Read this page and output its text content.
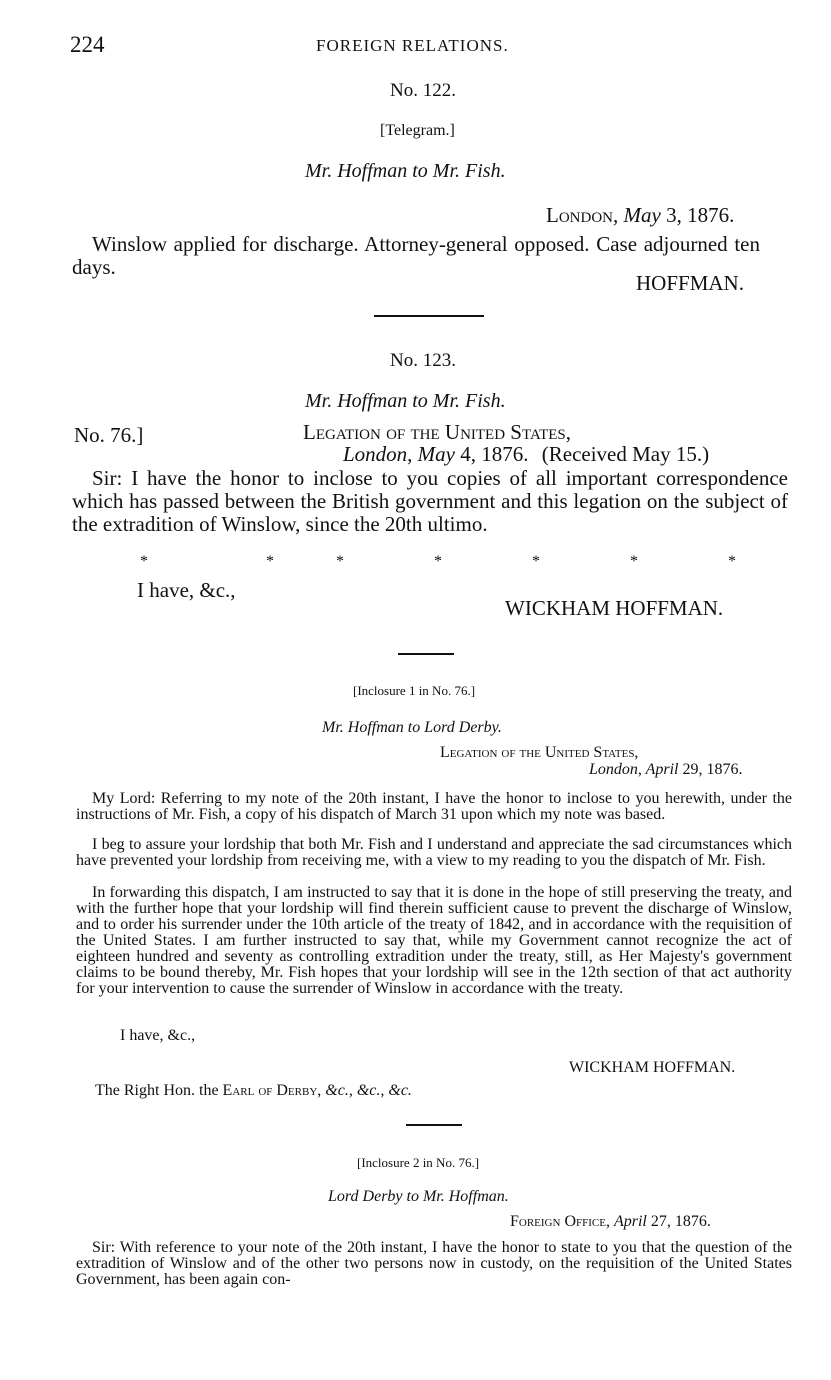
224	FOREIGN RELATIONS.
No. 122.
[Telegram.]
Mr. Hoffman to Mr. Fish.
London, May 3, 1876.
Winslow applied for discharge. Attorney-general opposed. Case adjourned ten days.
HOFFMAN.
No. 123.
Mr. Hoffman to Mr. Fish.
No. 76.]	Legation of the United States,
London, May 4, 1876. (Received May 15.)
Sir: I have the honor to inclose to you copies of all important correspondence which has passed between the British government and this legation on the subject of the extradition of Winslow, since the 20th ultimo.
*	*	*	*	*	*	*
I have, &c.,
WICKHAM HOFFMAN.
[Inclosure 1 in No. 76.]
Mr. Hoffman to Lord Derby.
Legation of the United States,
London, April 29, 1876.
My Lord: Referring to my note of the 20th instant, I have the honor to inclose to you herewith, under the instructions of Mr. Fish, a copy of his dispatch of March 31 upon which my note was based.
I beg to assure your lordship that both Mr. Fish and I understand and appreciate the sad circumstances which have prevented your lordship from receiving me, with a view to my reading to you the dispatch of Mr. Fish.
In forwarding this dispatch, I am instructed to say that it is done in the hope of still preserving the treaty, and with the further hope that your lordship will find therein sufficient cause to prevent the discharge of Winslow, and to order his surrender under the 10th article of the treaty of 1842, and in accordance with the requisition of the United States. I am further instructed to say that, while my Government cannot recognize the act of eighteen hundred and seventy as controlling extradition under the treaty, still, as Her Majesty's government claims to be bound thereby, Mr. Fish hopes that your lordship will see in the 12th section of that act authority for your intervention to cause the surrender of Winslow in accordance with the treaty.
I have, &c.,
WICKHAM HOFFMAN.
The Right Hon. the Earl of Derby, &c., &c., &c.
[Inclosure 2 in No. 76.]
Lord Derby to Mr. Hoffman.
Foreign Office, April 27, 1876.
Sir: With reference to your note of the 20th instant, I have the honor to state to you that the question of the extradition of Winslow and of the other two persons now in custody, on the requisition of the United States Government, has been again con-
